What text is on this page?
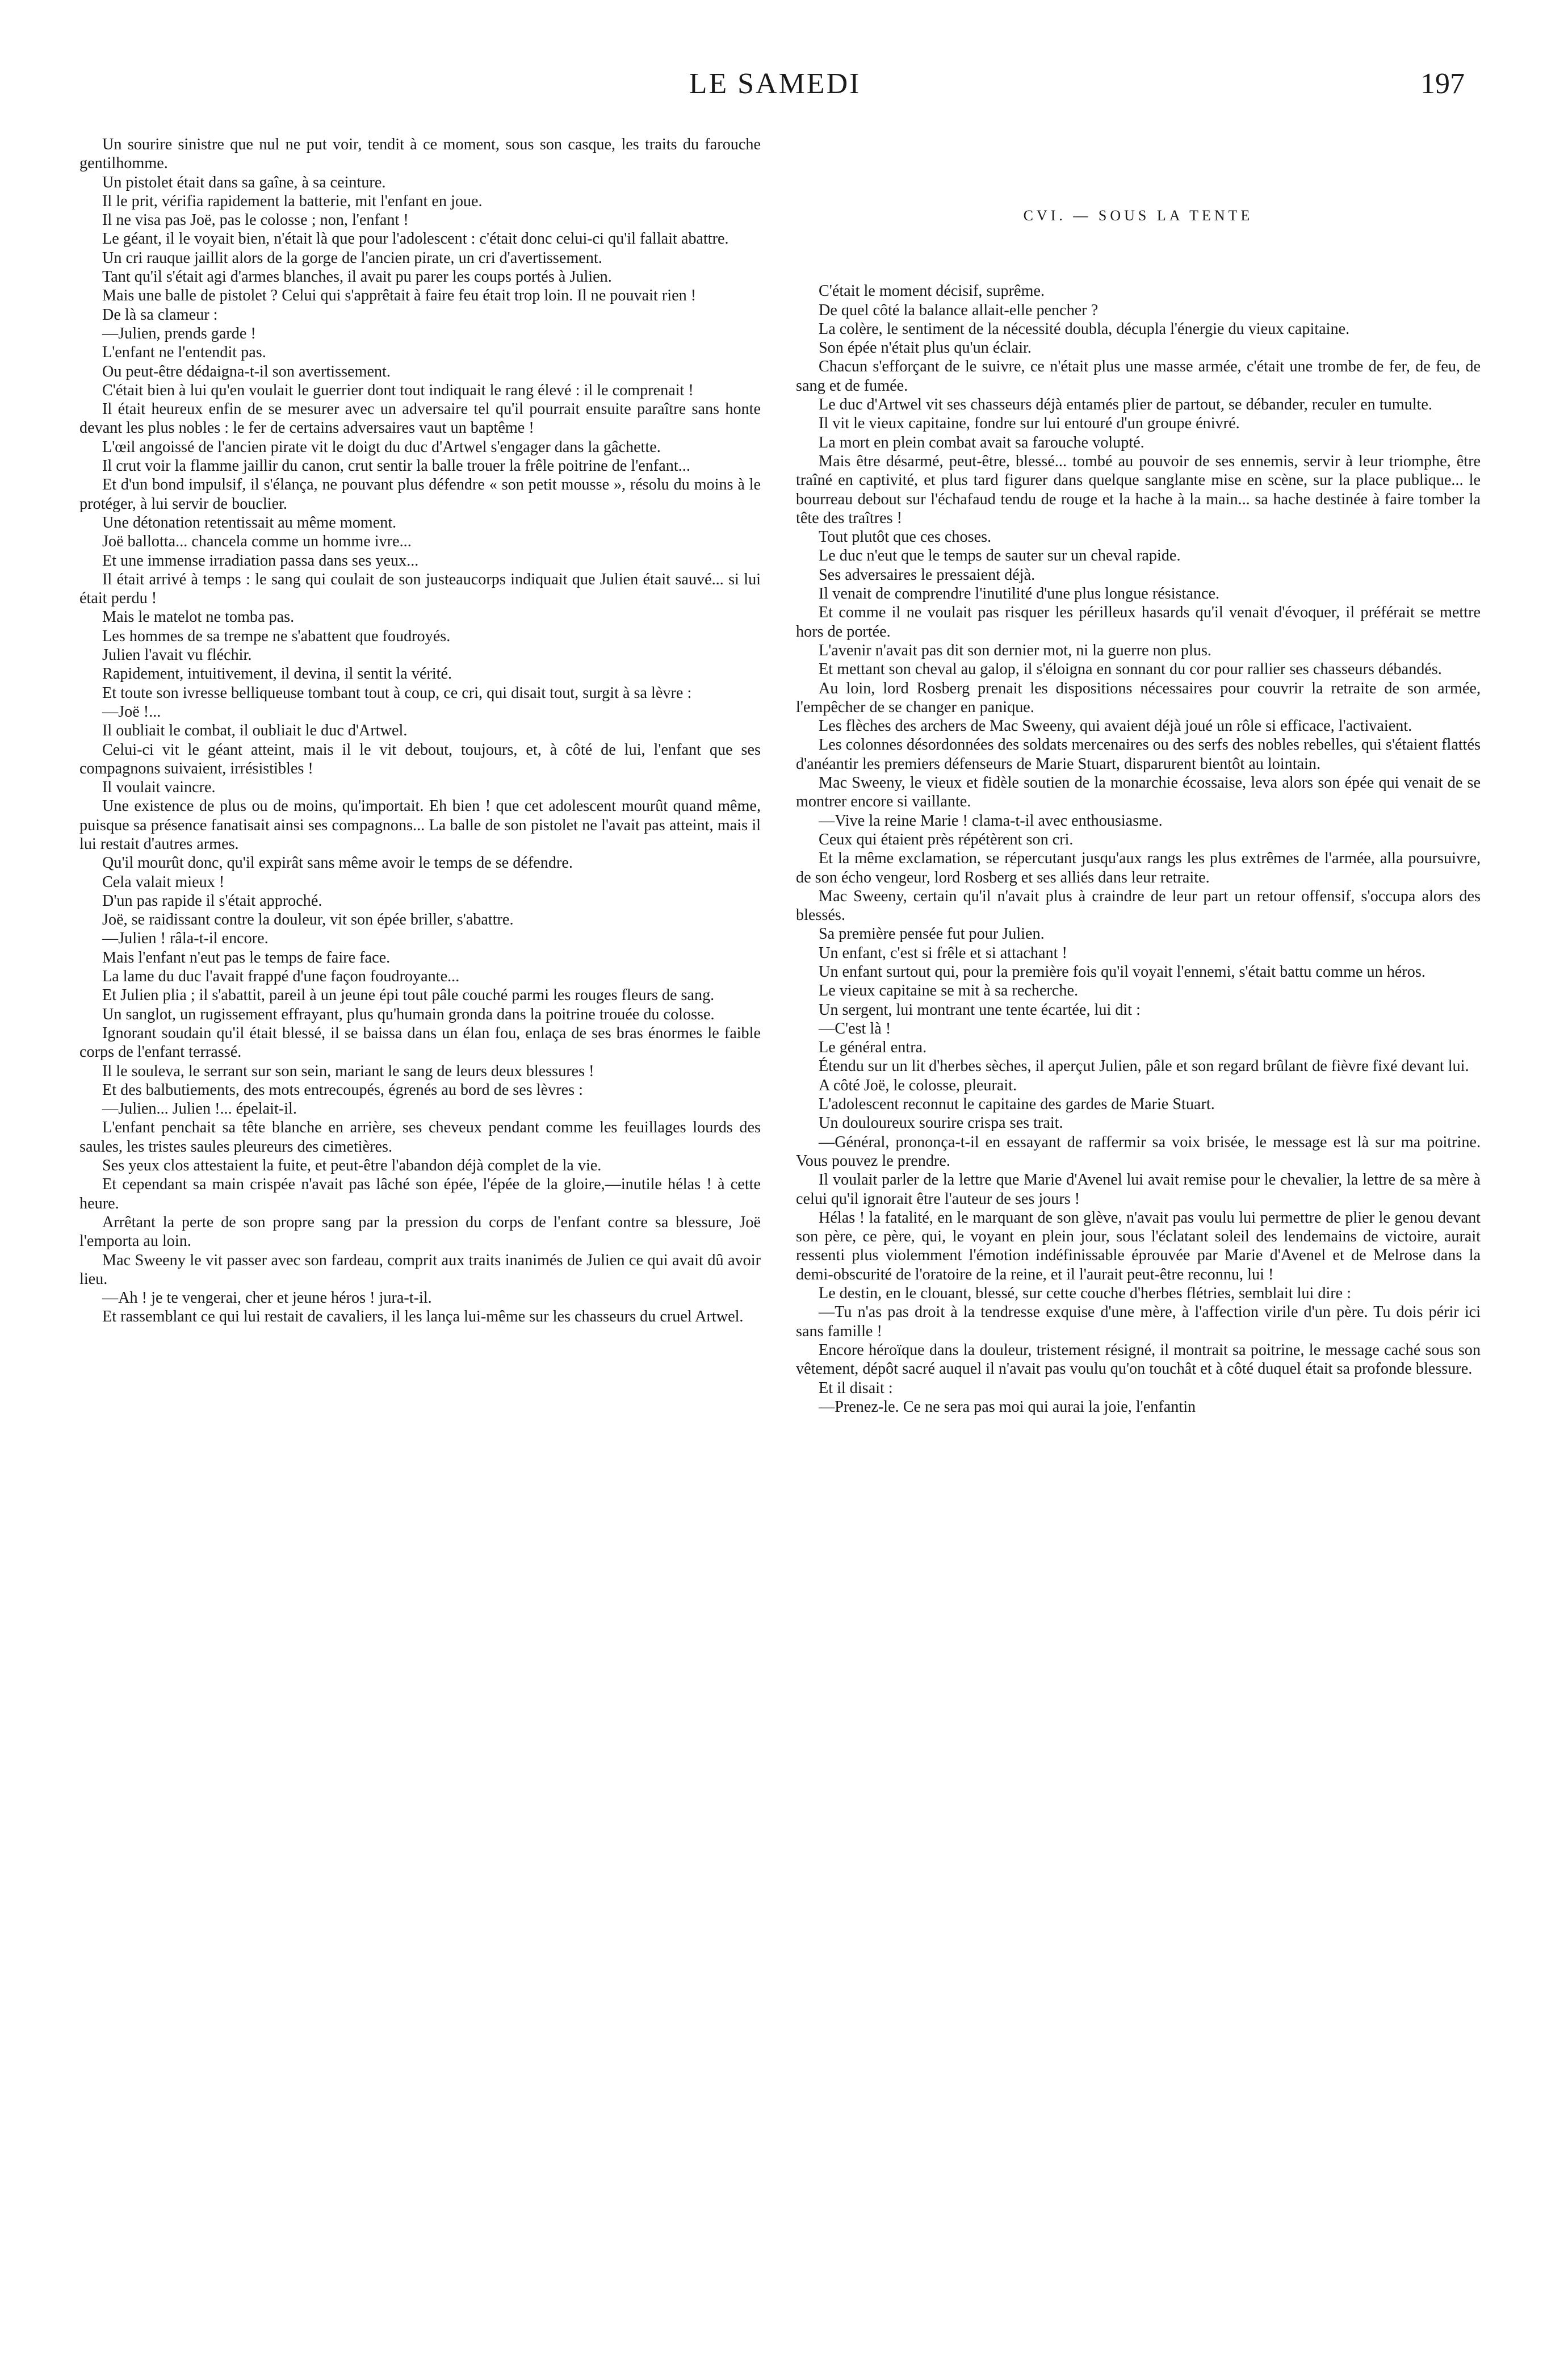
LE SAMEDI	197

Un sourire sinistre que nul ne put voir, tendit à ce moment, sous son casque, les traits du farouche gentilhomme.

Un pistolet était dans sa gaîne, à sa ceinture.

Il le prit, vérifia rapidement la batterie, mit l'enfant en joue.

Il ne visa pas Joë, pas le colosse ; non, l'enfant !

Le géant, il le voyait bien, n'était là que pour l'adolescent : c'était donc celui-ci qu'il fallait abattre.

Un cri rauque jaillit alors de la gorge de l'ancien pirate, un cri d'avertissement.

Tant qu'il s'était agi d'armes blanches, il avait pu parer les coups portés à Julien.

Mais une balle de pistolet ? Celui qui s'apprêtait à faire feu était trop loin. Il ne pouvait rien !

De là sa clameur :

—Julien, prends garde !

L'enfant ne l'entendit pas.

Ou peut-être dédaigna-t-il son avertissement.

C'était bien à lui qu'en voulait le guerrier dont tout indiquait le rang élevé : il le comprenait !

Il était heureux enfin de se mesurer avec un adversaire tel qu'il pourrait ensuite paraître sans honte devant les plus nobles : le fer de certains adversaires vaut un baptême !

L'œil angoissé de l'ancien pirate vit le doigt du duc d'Artwel s'engager dans la gâchette.

Il crut voir la flamme jaillir du canon, crut sentir la balle trouer la frêle poitrine de l'enfant...

Et d'un bond impulsif, il s'élança, ne pouvant plus défendre « son petit mousse », résolu du moins à le protéger, à lui servir de bouclier.

Une détonation retentissait au même moment.

Joë ballotta... chancela comme un homme ivre...

Et une immense irradiation passa dans ses yeux...

Il était arrivé à temps : le sang qui coulait de son justeaucorps indiquait que Julien était sauvé... si lui était perdu !

Mais le matelot ne tomba pas.

Les hommes de sa trempe ne s'abattent que foudroyés.

Julien l'avait vu fléchir.

Rapidement, intuitivement, il devina, il sentit la vérité.

Et toute son ivresse belliqueuse tombant tout à coup, ce cri, qui disait tout, surgit à sa lèvre :

—Joë !...

Il oubliait le combat, il oubliait le duc d'Artwel.

Celui-ci vit le géant atteint, mais il le vit debout, toujours, et, à côté de lui, l'enfant que ses compagnons suivaient, irrésistibles !

Il voulait vaincre.

Une existence de plus ou de moins, qu'importait. Eh bien ! que cet adolescent mourût quand même, puisque sa présence fanatisait ainsi ses compagnons... La balle de son pistolet ne l'avait pas atteint, mais il lui restait d'autres armes.

Qu'il mourût donc, qu'il expirât sans même avoir le temps de se défendre.

Cela valait mieux !

D'un pas rapide il s'était approché.

Joë, se raidissant contre la douleur, vit son épée briller, s'abattre.

—Julien ! râla-t-il encore.

Mais l'enfant n'eut pas le temps de faire face.

La lame du duc l'avait frappé d'une façon foudroyante...

Et Julien plia ; il s'abattit, pareil à un jeune épi tout pâle couché parmi les rouges fleurs de sang.

Un sanglot, un rugissement effrayant, plus qu'humain gronda dans la poitrine trouée du colosse.

Ignorant soudain qu'il était blessé, il se baissa dans un élan fou, enlaça de ses bras énormes le faible corps de l'enfant terrassé.

Il le souleva, le serrant sur son sein, mariant le sang de leurs deux blessures !

Et des balbutiements, des mots entrecoupés, égrenés au bord de ses lèvres :

—Julien... Julien !... épelait-il.

L'enfant penchait sa tête blanche en arrière, ses cheveux pendant comme les feuillages lourds des saules, les tristes saules pleureurs des cimetières.

Ses yeux clos attestaient la fuite, et peut-être l'abandon déjà complet de la vie.

Et cependant sa main crispée n'avait pas lâché son épée, l'épée de la gloire,—inutile hélas ! à cette heure.

Arrêtant la perte de son propre sang par la pression du corps de l'enfant contre sa blessure, Joë l'emporta au loin.

Mac Sweeny le vit passer avec son fardeau, comprit aux traits inanimés de Julien ce qui avait dû avoir lieu.

—Ah ! je te vengerai, cher et jeune héros ! jura-t-il.

Et rassemblant ce qui lui restait de cavaliers, il les lança lui-même sur les chasseurs du cruel Artwel.

CVI. — SOUS LA TENTE

C'était le moment décisif, suprême.

De quel côté la balance allait-elle pencher ?

La colère, le sentiment de la nécessité doubla, décupla l'énergie du vieux capitaine.

Son épée n'était plus qu'un éclair.

Chacun s'efforçant de le suivre, ce n'était plus une masse armée, c'était une trombe de fer, de feu, de sang et de fumée.

Le duc d'Artwel vit ses chasseurs déjà entamés plier de partout, se débander, reculer en tumulte.

Il vit le vieux capitaine, fondre sur lui entouré d'un groupe énivré.

La mort en plein combat avait sa farouche volupté.

Mais être désarmé, peut-être, blessé... tombé au pouvoir de ses ennemis, servir à leur triomphe, être traîné en captivité, et plus tard figurer dans quelque sanglante mise en scène, sur la place publique... le bourreau debout sur l'échafaud tendu de rouge et la hache à la main... sa hache destinée à faire tomber la tête des traîtres !

Tout plutôt que ces choses.

Le duc n'eut que le temps de sauter sur un cheval rapide.

Ses adversaires le pressaient déjà.

Il venait de comprendre l'inutilité d'une plus longue résistance.

Et comme il ne voulait pas risquer les périlleux hasards qu'il venait d'évoquer, il préférait se mettre hors de portée.

L'avenir n'avait pas dit son dernier mot, ni la guerre non plus.

Et mettant son cheval au galop, il s'éloigna en sonnant du cor pour rallier ses chasseurs débandés.

Au loin, lord Rosberg prenait les dispositions nécessaires pour couvrir la retraite de son armée, l'empêcher de se changer en panique.

Les flèches des archers de Mac Sweeny, qui avaient déjà joué un rôle si efficace, l'activaient.

Les colonnes désordonnées des soldats mercenaires ou des serfs des nobles rebelles, qui s'étaient flattés d'anéantir les premiers défenseurs de Marie Stuart, disparurent bientôt au lointain.

Mac Sweeny, le vieux et fidèle soutien de la monarchie écossaise, leva alors son épée qui venait de se montrer encore si vaillante.

—Vive la reine Marie ! clama-t-il avec enthousiasme.

Ceux qui étaient près répétèrent son cri.

Et la même exclamation, se répercutant jusqu'aux rangs les plus extrêmes de l'armée, alla poursuivre, de son écho vengeur, lord Rosberg et ses alliés dans leur retraite.

Mac Sweeny, certain qu'il n'avait plus à craindre de leur part un retour offensif, s'occupa alors des blessés.

Sa première pensée fut pour Julien.

Un enfant, c'est si frêle et si attachant !

Un enfant surtout qui, pour la première fois qu'il voyait l'ennemi, s'était battu comme un héros.

Le vieux capitaine se mit à sa recherche.

Un sergent, lui montrant une tente écartée, lui dit :

—C'est là !

Le général entra.

Étendu sur un lit d'herbes sèches, il aperçut Julien, pâle et son regard brûlant de fièvre fixé devant lui.

A côté Joë, le colosse, pleurait.

L'adolescent reconnut le capitaine des gardes de Marie Stuart.

Un douloureux sourire crispa ses trait.

—Général, prononça-t-il en essayant de raffermir sa voix brisée, le message est là sur ma poitrine. Vous pouvez le prendre.

Il voulait parler de la lettre que Marie d'Avenel lui avait remise pour le chevalier, la lettre de sa mère à celui qu'il ignorait être l'auteur de ses jours !

Hélas ! la fatalité, en le marquant de son glève, n'avait pas voulu lui permettre de plier le genou devant son père, ce père, qui, le voyant en plein jour, sous l'éclatant soleil des lendemains de victoire, aurait ressenti plus violemment l'émotion indéfinissable éprouvée par Marie d'Avenel et de Melrose dans la demi-obscurité de l'oratoire de la reine, et il l'aurait peut-être reconnu, lui !

Le destin, en le clouant, blessé, sur cette couche d'herbes flétries, semblait lui dire :

—Tu n'as pas droit à la tendresse exquise d'une mère, à l'affection virile d'un père. Tu dois périr ici sans famille !

Encore héroïque dans la douleur, tristement résigné, il montrait sa poitrine, le message caché sous son vêtement, dépôt sacré auquel il n'avait pas voulu qu'on touchât et à côté duquel était sa profonde blessure.

Et il disait :

—Prenez-le. Ce ne sera pas moi qui aurai la joie, l'enfantin
